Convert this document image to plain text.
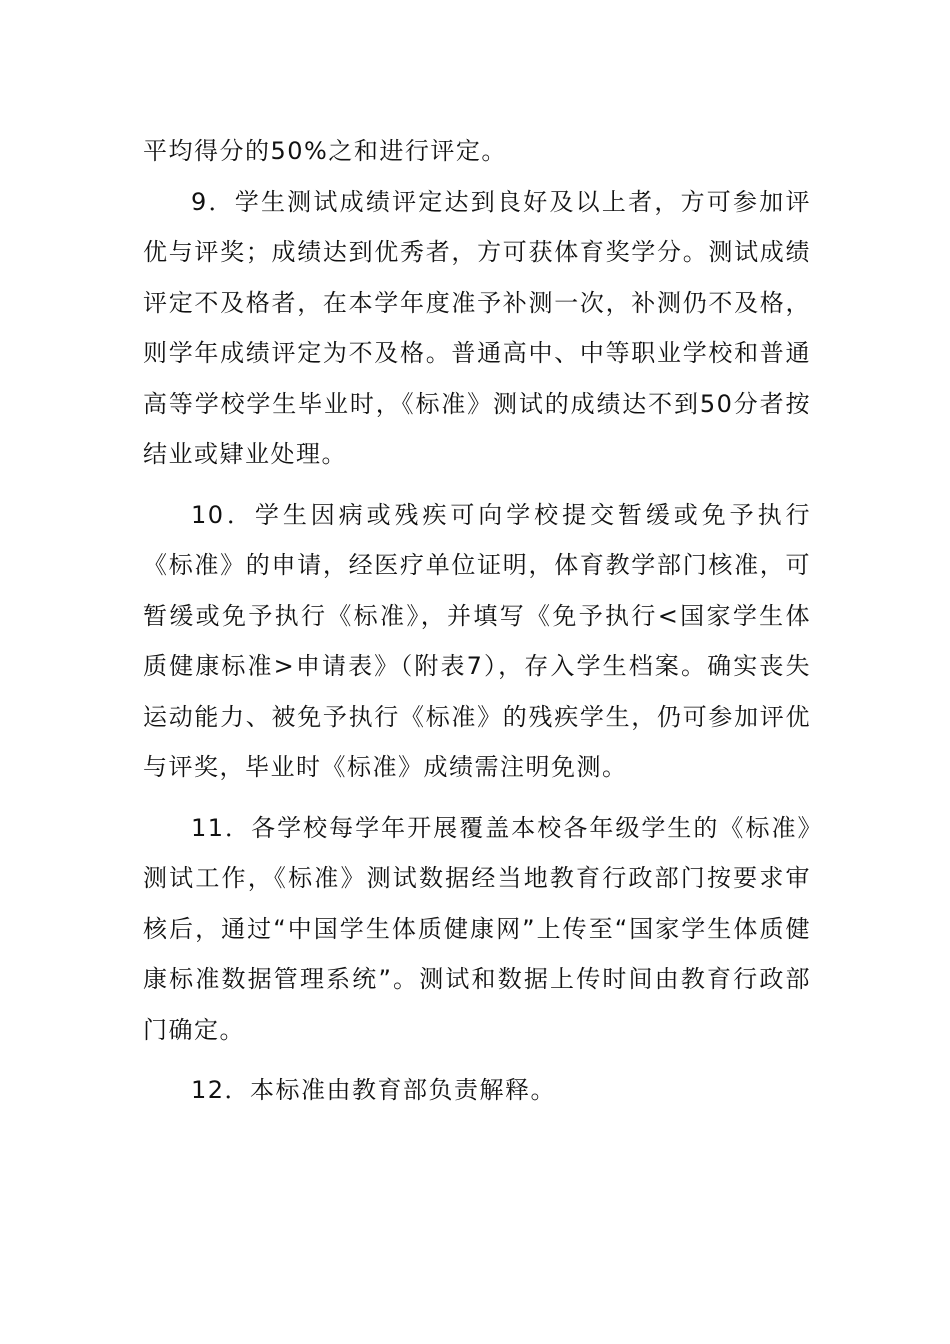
平均得分的50%之和进行评定。

9．学生测试成绩评定达到良好及以上者，方可参加评优与评奖；成绩达到优秀者，方可获体育奖学分。测试成绩评定不及格者，在本学年度准予补测一次，补测仍不及格，则学年成绩评定为不及格。普通高中、中等职业学校和普通高等学校学生毕业时，《标准》测试的成绩达不到50分者按结业或肄业处理。

10．学生因病或残疾可向学校提交暂缓或免予执行《标准》的申请，经医疗单位证明，体育教学部门核准，可暂缓或免予执行《标准》，并填写《免予执行<国家学生体质健康标准>申请表》（附表7），存入学生档案。确实丧失运动能力、被免予执行《标准》的残疾学生，仍可参加评优与评奖，毕业时《标准》成绩需注明免测。

11．各学校每学年开展覆盖本校各年级学生的《标准》测试工作，《标准》测试数据经当地教育行政部门按要求审核后，通过“中国学生体质健康网”上传至“国家学生体质健康标准数据管理系统”。测试和数据上传时间由教育行政部门确定。

12．本标准由教育部负责解释。
